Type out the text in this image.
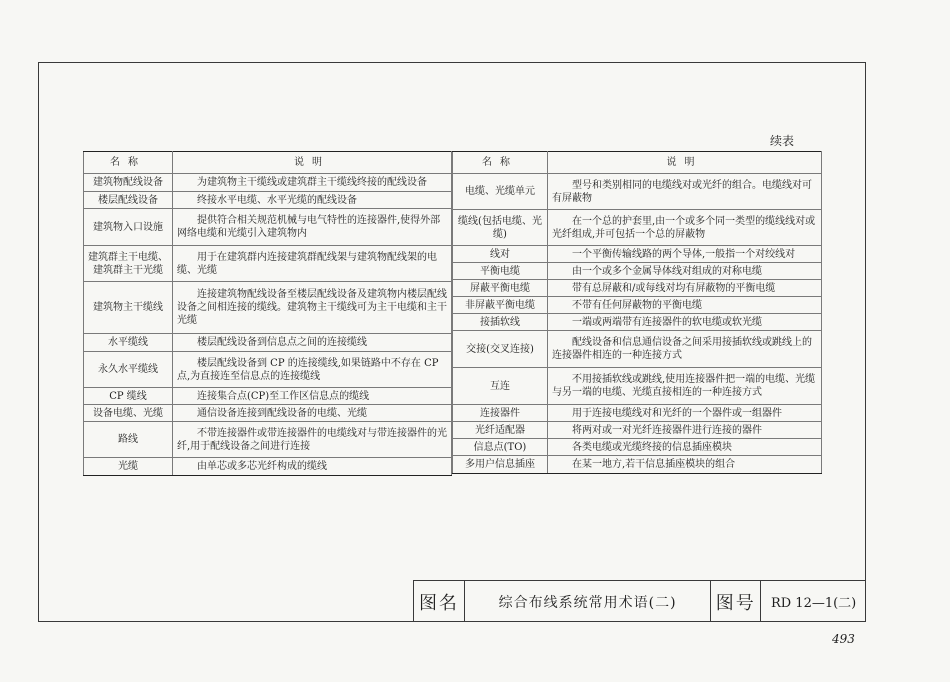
续表
名称	说明
建筑物配线设备	为建筑物主干缆线或建筑群主干缆线终接的配线设备
楼层配线设备	终接水平电缆、水平光缆的配线设备
建筑物入口设施	提供符合相关规范机械与电气特性的连接器件,使得外部网络电缆和光缆引入建筑物内
建筑群主干电缆、建筑群主干光缆	用于在建筑群内连接建筑群配线架与建筑物配线架的电缆、光缆
建筑物主干缆线	连接建筑物配线设备至楼层配线设备及建筑物内楼层配线设备之间相连接的缆线。建筑物主干缆线可为主干电缆和主干光缆
水平缆线	楼层配线设备到信息点之间的连接缆线
永久水平缆线	楼层配线设备到 CP 的连接缆线,如果链路中不存在 CP 点,为直接连至信息点的连接缆线
CP 缆线	连接集合点(CP)至工作区信息点的缆线
设备电缆、光缆	通信设备连接到配线设备的电缆、光缆
路线	不带连接器件或带连接器件的电缆线对与带连接器件的光纤,用于配线设备之间进行连接
光缆	由单芯或多芯光纤构成的缆线
名称	说明
电缆、光缆单元	型号和类别相同的电缆线对或光纤的组合。电缆线对可有屏蔽物
缆线(包括电缆、光缆)	在一个总的护套里,由一个或多个同一类型的缆线线对或光纤组成,并可包括一个总的屏蔽物
线对	一个平衡传输线路的两个导体,一般指一个对绞线对
平衡电缆	由一个或多个金属导体线对组成的对称电缆
屏蔽平衡电缆	带有总屏蔽和/或每线对均有屏蔽物的平衡电缆
非屏蔽平衡电缆	不带有任何屏蔽物的平衡电缆
接插软线	一端或两端带有连接器件的软电缆或软光缆
交接(交叉连接)	配线设备和信息通信设备之间采用接插软线或跳线上的连接器件相连的一种连接方式
互连	不用接插软线或跳线,使用连接器件把一端的电缆、光缆与另一端的电缆、光缆直接相连的一种连接方式
连接器件	用于连接电缆线对和光纤的一个器件或一组器件
光纤适配器	将两对或一对光纤连接器件进行连接的器件
信息点(TO)	各类电缆或光缆终接的信息插座模块
多用户信息插座	在某一地方,若干信息插座模块的组合
图名	综合布线系统常用术语(二)	图号	RD 12—1(二)
493
